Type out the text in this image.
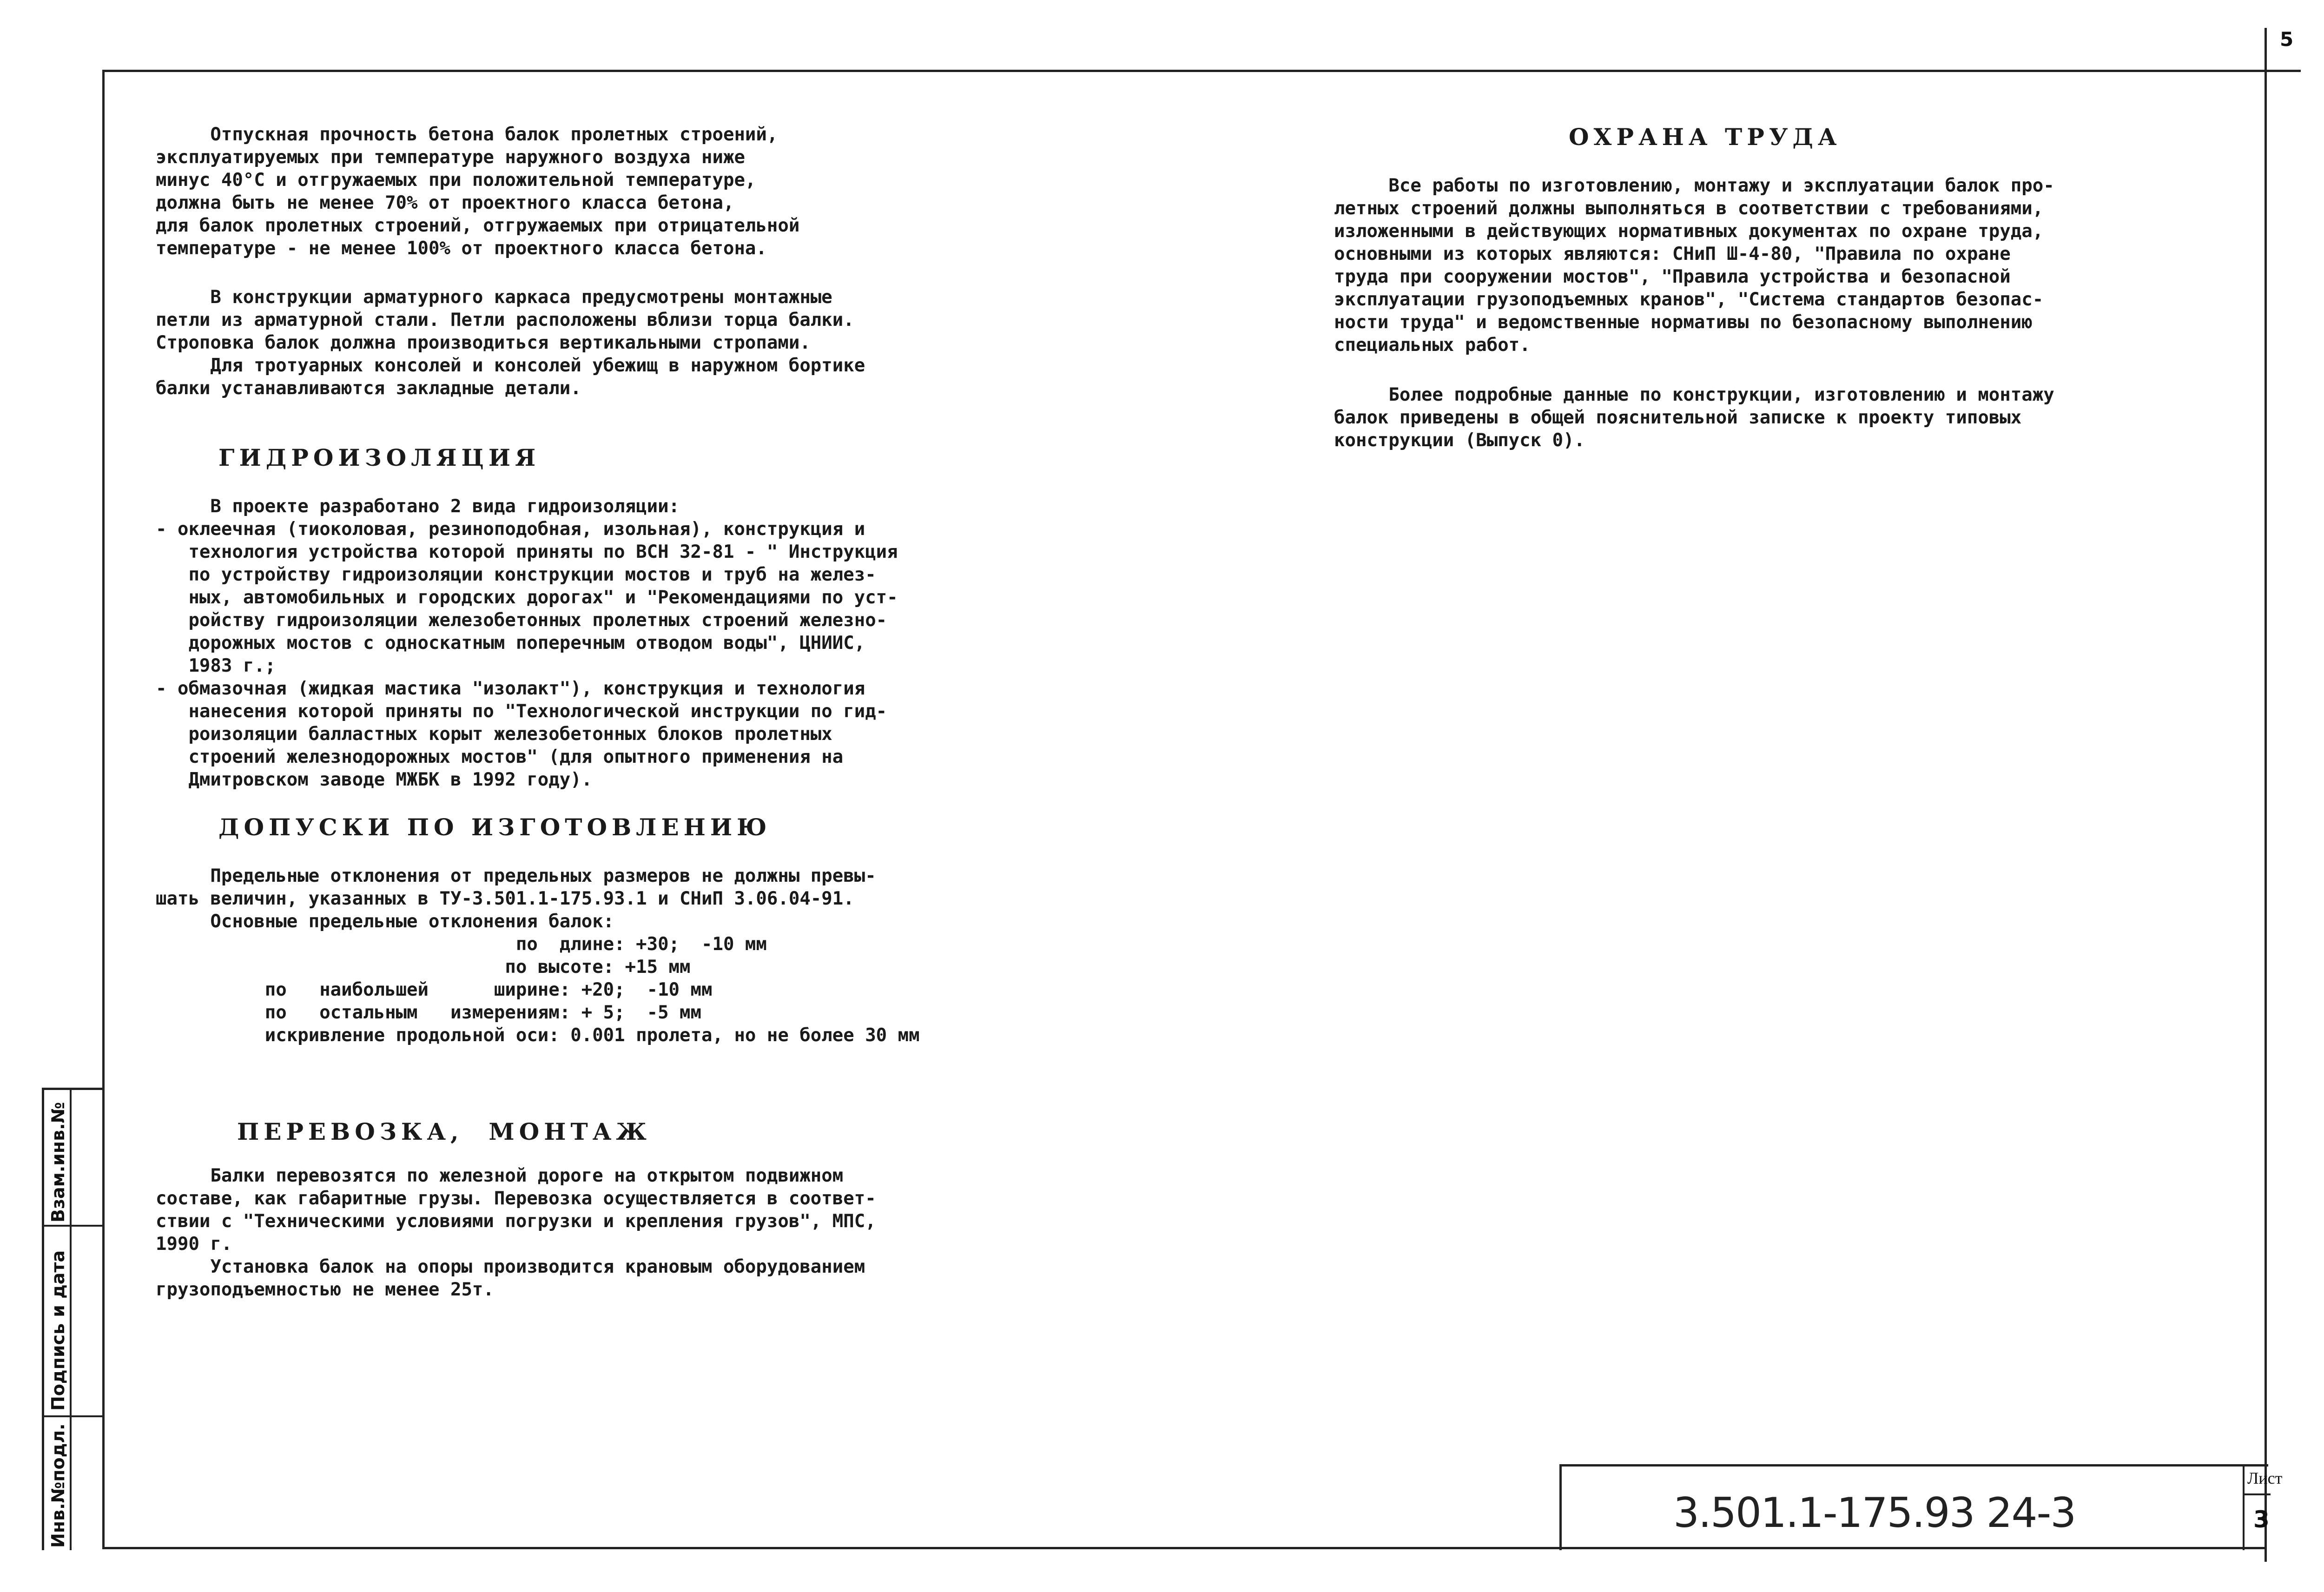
5
Отпускная прочность бетона балок пролетных строений,
эксплуатируемых при температуре наружного воздуха ниже
минус 40°С и отгружаемых при положительной температуре,
должна быть не менее 70% от проектного класса бетона,
для балок пролетных строений, отгружаемых при отрицательной
температуре - не менее 100% от проектного класса бетона.
В конструкции арматурного каркаса предусмотрены монтажные
петли из арматурной стали. Петли расположены вблизи торца балки.
Строповка балок должна производиться вертикальными стропами.
Для тротуарных консолей и консолей убежищ в наружном бортике
балки устанавливаются закладные детали.
ГИДРОИЗОЛЯЦИЯ
В проекте разработано 2 вида гидроизоляции:
- оклеечная (тиоколовая, резиноподобная, изольная), конструкция и
технология устройства которой приняты по ВСН 32-81 - " Инструкция
по устройству гидроизоляции конструкции мостов и труб на желез-
ных, автомобильных и городских дорогах" и "Рекомендациями по уст-
ройству гидроизоляции железобетонных пролетных строений железно-
дорожных мостов с односкатным поперечным отводом воды", ЦНИИС,
1983 г.;
- обмазочная (жидкая мастика "изолакт"), конструкция и технология
нанесения которой приняты по "Технологической инструкции по гид-
роизоляции балластных корыт железобетонных блоков пролетных
строений железнодорожных мостов" (для опытного применения на
Дмитровском заводе МЖБК в 1992 году).
ДОПУСКИ ПО ИЗГОТОВЛЕНИЮ
Предельные отклонения от предельных размеров не должны превы-
шать величин, указанных в ТУ-3.501.1-175.93.1 и СНиП 3.06.04-91.
Основные предельные отклонения балок:
по  длине: +30;  -10 мм
по высоте: +15 мм
по   наибольшей      ширине: +20;  -10 мм
по   остальным   измерениям: + 5;  -5 мм
искривление продольной оси: 0.001 пролета, но не более 30 мм
ПЕРЕВОЗКА,  МОНТАЖ
Балки перевозятся по железной дороге на открытом подвижном
составе, как габаритные грузы. Перевозка осуществляется в соответ-
ствии с "Техническими условиями погрузки и крепления грузов", МПС,
1990 г.
Установка балок на опоры производится крановым оборудованием
грузоподъемностью не менее 25т.
ОХРАНА ТРУДА
Все работы по изготовлению, монтажу и эксплуатации балок про-
летных строений должны выполняться в соответствии с требованиями,
изложенными в действующих нормативных документах по охране труда,
основными из которых являются: СНиП Ш-4-80, "Правила по охране
труда при сооружении мостов", "Правила устройства и безопасной
эксплуатации грузоподъемных кранов", "Система стандартов безопас-
ности труда" и ведомственные нормативы по безопасному выполнению
специальных работ.
Более подробные данные по конструкции, изготовлению и монтажу
балок приведены в общей пояснительной записке к проекту типовых
конструкции (Выпуск 0).
Взам.инв.№
Подпись и дата
Инв.№подл.	3.501.1-175.93 24-3
Лист
3
